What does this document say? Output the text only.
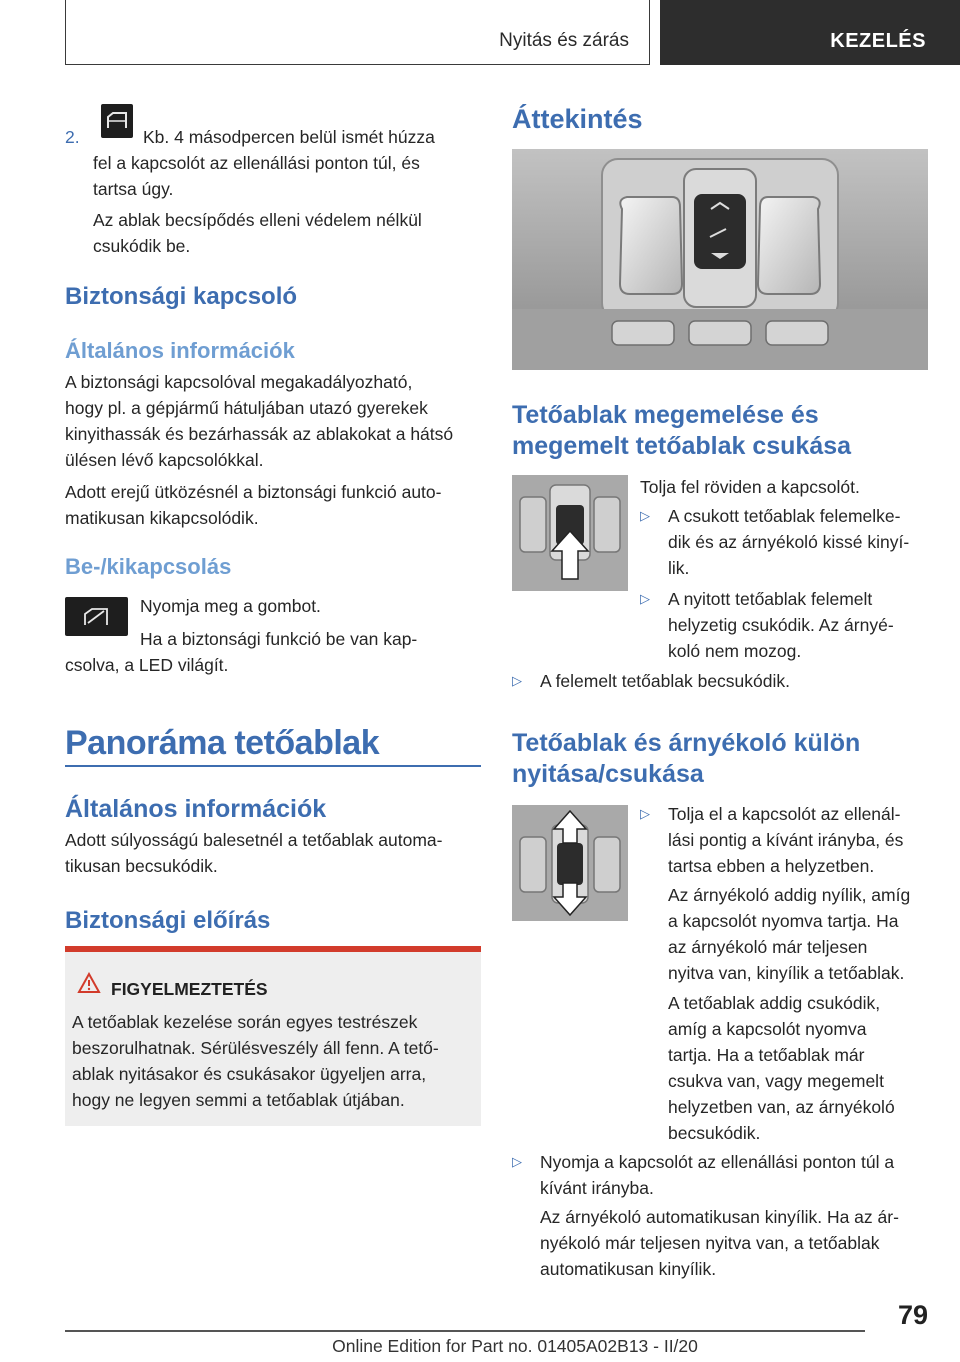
Nyitás és zárás	KEZELÉS
2.	Kb. 4 másodpercen belül ismét húzza

fel a kapcsolót az ellenállási ponton túl, és

tartsa úgy.

Az ablak becsípődés elleni védelem nélkül

csukódik be.

Biztonsági kapcsoló
Általános információk

A biztonsági kapcsolóval megakadályozható,

hogy pl. a gépjármű hátuljában utazó gyerekek

kinyithassák és bezárhassák az ablakokat a hátsó

ülésen lévő kapcsolókkal.

Adott erejű ütközésnél a biztonsági funkció auto-

matikusan kikapcsolódik.

Be-/kikapcsolás

Nyomja meg a gombot.

Ha a biztonsági funkció be van kap-

csolva, a LED világít.

Panoráma tetőablak
Általános információk

Adott súlyosságú balesetnél a tetőablak automa-

tikusan becsukódik.

Biztonsági előírás

FIGYELMEZTETÉS

A tetőablak kezelése során egyes testrészek

beszorulhatnak. Sérülésveszély áll fenn. A tető-

ablak nyitásakor és csukásakor ügyeljen arra,

hogy ne legyen semmi a tetőablak útjában.

Áttekintés
Tetőablak megemelése és
megemelt tetőablak csukása

Tolja fel röviden a kapcsolót.

▷ A csukott tetőablak felemelke-

dik és az árnyékoló kissé kinyí-

lik.

▷ A nyitott tetőablak felemelt

helyzetig csukódik. Az árnyé-

koló nem mozog.

▷ A felemelt tetőablak becsukódik.

Tetőablak és árnyékoló külön
nyitása/csukása
▷ Tolja el a kapcsolót az ellenál-

lási pontig a kívánt irányba, és

tartsa ebben a helyzetben.

Az árnyékoló addig nyílik, amíg

a kapcsolót nyomva tartja. Ha

az árnyékoló már teljesen

nyitva van, kinyílik a tetőablak.

A tetőablak addig csukódik,

amíg a kapcsolót nyomva

tartja. Ha a tetőablak már

csukva van, vagy megemelt

helyzetben van, az árnyékoló

becsukódik.

▷ Nyomja a kapcsolót az ellenállási ponton túl a

kívánt irányba.

Az árnyékoló automatikusan kinyílik. Ha az ár-

nyékoló már teljesen nyitva van, a tetőablak

automatikusan kinyílik.

79
Online Edition for Part no. 01405A02B13 - II/20
